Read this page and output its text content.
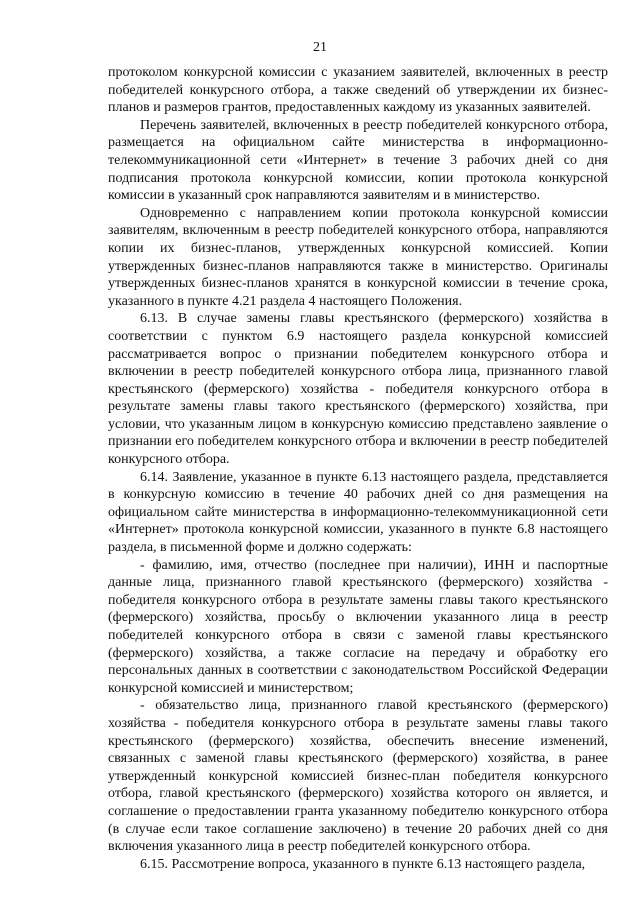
21

протоколом конкурсной комиссии с указанием заявителей, включенных в реестр победителей конкурсного отбора, а также сведений об утверждении их бизнес-планов и размеров грантов, предоставленных каждому из указанных заявителей.

Перечень заявителей, включенных в реестр победителей конкурсного отбора, размещается на официальном сайте министерства в информационно-телекоммуникационной сети «Интернет» в течение 3 рабочих дней со дня подписания протокола конкурсной комиссии, копии протокола конкурсной комиссии в указанный срок направляются заявителям и в министерство.

Одновременно с направлением копии протокола конкурсной комиссии заявителям, включенным в реестр победителей конкурсного отбора, направляются копии их бизнес-планов, утвержденных конкурсной комиссией. Копии утвержденных бизнес-планов направляются также в министерство. Оригиналы утвержденных бизнес-планов хранятся в конкурсной комиссии в течение срока, указанного в пункте 4.21 раздела 4 настоящего Положения.

6.13. В случае замены главы крестьянского (фермерского) хозяйства в соответствии с пунктом 6.9 настоящего раздела конкурсной комиссией рассматривается вопрос о признании победителем конкурсного отбора и включении в реестр победителей конкурсного отбора лица, признанного главой крестьянского (фермерского) хозяйства - победителя конкурсного отбора в результате замены главы такого крестьянского (фермерского) хозяйства, при условии, что указанным лицом в конкурсную комиссию представлено заявление о признании его победителем конкурсного отбора и включении в реестр победителей конкурсного отбора.

6.14. Заявление, указанное в пункте 6.13 настоящего раздела, представляется в конкурсную комиссию в течение 40 рабочих дней со дня размещения на официальном сайте министерства в информационно-телекоммуникационной сети «Интернет» протокола конкурсной комиссии, указанного в пункте 6.8 настоящего раздела, в письменной форме и должно содержать:

- фамилию, имя, отчество (последнее при наличии), ИНН и паспортные данные лица, признанного главой крестьянского (фермерского) хозяйства - победителя конкурсного отбора в результате замены главы такого крестьянского (фермерского) хозяйства, просьбу о включении указанного лица в реестр победителей конкурсного отбора в связи с заменой главы крестьянского (фермерского) хозяйства, а также согласие на передачу и обработку его персональных данных в соответствии с законодательством Российской Федерации конкурсной комиссией и министерством;

- обязательство лица, признанного главой крестьянского (фермерского) хозяйства - победителя конкурсного отбора в результате замены главы такого крестьянского (фермерского) хозяйства, обеспечить внесение изменений, связанных с заменой главы крестьянского (фермерского) хозяйства, в ранее утвержденный конкурсной комиссией бизнес-план победителя конкурсного отбора, главой крестьянского (фермерского) хозяйства которого он является, и соглашение о предоставлении гранта указанному победителю конкурсного отбора (в случае если такое соглашение заключено) в течение 20 рабочих дней со дня включения указанного лица в реестр победителей конкурсного отбора.

6.15. Рассмотрение вопроса, указанного в пункте 6.13 настоящего раздела,
